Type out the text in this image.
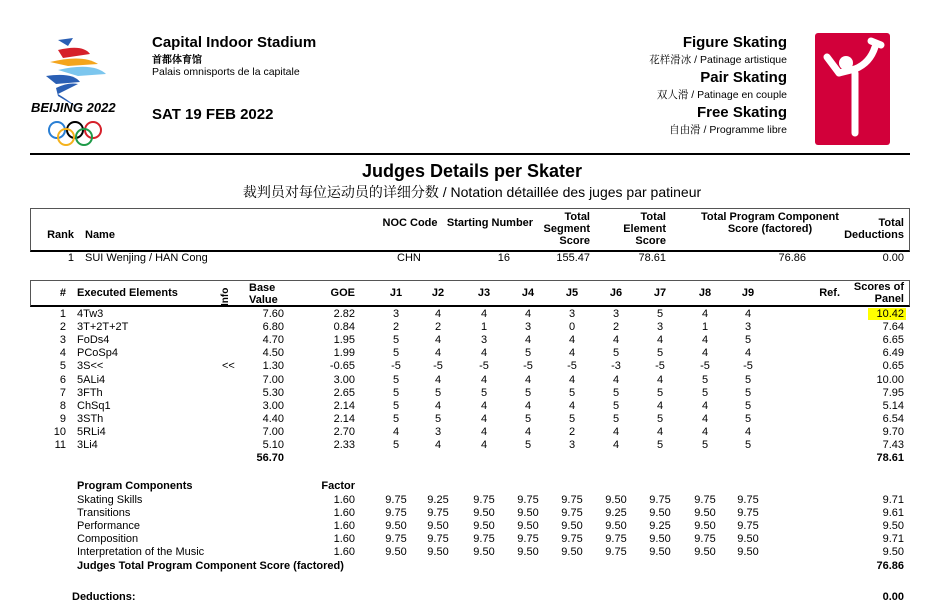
BEIJING 2022
Capital Indoor Stadium
首都体育馆
Palais omnisports de la capitale
SAT 19 FEB 2022
Figure Skating
花样滑冰 / Patinage artistique
Pair Skating
双人滑 / Patinage en couple
Free Skating
自由滑 / Programme libre
Judges Details per Skater
裁判员对每位运动员的详细分数 / Notation détaillée des juges par patineur
Rank Name
NOC Code Starting Number	Total Segment Score
Total Element Score
Total Program Component Score (factored)	Total Deductions
1 SUI Wenjing / HAN Cong	CHN	16	155.47	78.61	76.86	0.00
# Executed Elements	Info Base Value
GOE	J1	J2	J3	J4	J5	J6	J7	J8	J9	Ref.	Scores of Panel
1 4Tw3	7.60	2.82	3	4	4	4	3	3	5	4	4	10.42
2 3T+2T+2T	6.80	0.84	2	2	1	3	0	2	3	1	3	7.64
3 FoDs4	4.70	1.95	5	4	3	4	4	4	4	4	5	6.65
4 PCoSp4	4.50	1.99	5	4	4	5	4	5	5	4	4	6.49
5 3S<<	<<	1.30	-0.65	-5	-5	-5	-5	-5	-3	-5	-5	-5	0.65
6 5ALi4	7.00	3.00	5	4	4	4	4	4	4	5	5	10.00
7 3FTh	5.30	2.65	5	5	5	5	5	5	5	5	5	7.95
8 ChSq1	3.00	2.14	5	4	4	4	4	5	4	4	5	5.14
9 3STh	4.40	2.14	5	5	4	5	5	5	5	4	5	6.54
10 5RLi4	7.00	2.70	4	3	4	4	2	4	4	4	4	9.70
11 3Li4	5.10	2.33	5	4	4	5	3	4	5	5	5	7.43
56.70	78.61
Program Components	Factor
Skating Skills	1.60	9.75	9.25	9.75	9.75	9.75	9.50	9.75	9.75	9.75	9.71
Transitions	1.60	9.75	9.75	9.50	9.50	9.75	9.25	9.50	9.50	9.75	9.61
Performance	1.60	9.50	9.50	9.50	9.50	9.50	9.50	9.25	9.50	9.75	9.50
Composition	1.60	9.75	9.75	9.75	9.75	9.75	9.75	9.50	9.75	9.50	9.71
Interpretation of the Music	1.60	9.50	9.50	9.50	9.50	9.50	9.75	9.50	9.50	9.50	9.50
Judges Total Program Component Score (factored)	76.86
Deductions:	0.00
